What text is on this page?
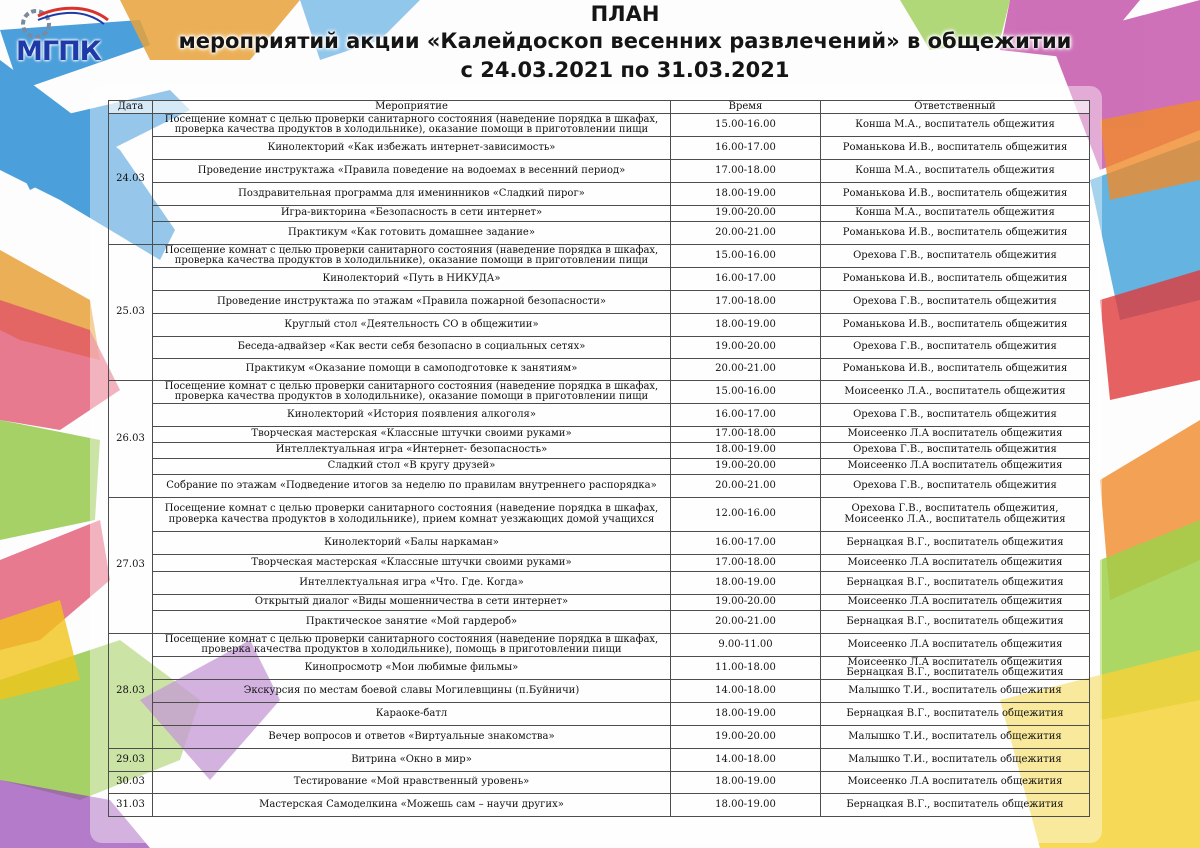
МГПК
ПЛАН
мероприятий акции «Калейдоскоп весенних развлечений» в общежитии
с 24.03.2021 по 31.03.2021
Дата	Мероприятие	Время	Ответственный
24.03	Посещение комнат с целью проверки санитарного состояния (наведение порядка в шкафах, проверка качества продуктов в холодильнике), оказание помощи в приготовлении пищи	15.00-16.00	Конша М.А., воспитатель общежития
	Кинолекторий «Как избежать интернет-зависимость»	16.00-17.00	Романькова И.В., воспитатель общежития
	Проведение инструктажа «Правила поведение на водоемах в весенний период»	17.00-18.00	Конша М.А., воспитатель общежития
	Поздравительная программа для именинников «Сладкий пирог»	18.00-19.00	Романькова И.В., воспитатель общежития
	Игра-викторина «Безопасность в сети интернет»	19.00-20.00	Конша М.А., воспитатель общежития
	Практикум «Как готовить домашнее задание»	20.00-21.00	Романькова И.В., воспитатель общежития
25.03	Посещение комнат с целью проверки санитарного состояния (наведение порядка в шкафах, проверка качества продуктов в холодильнике), оказание помощи в приготовлении пищи	15.00-16.00	Орехова Г.В., воспитатель общежития
	Кинолекторий «Путь в НИКУДА»	16.00-17.00	Романькова И.В., воспитатель общежития
	Проведение инструктажа по этажам «Правила пожарной безопасности»	17.00-18.00	Орехова Г.В., воспитатель общежития
	Круглый стол «Деятельность СО в общежитии»	18.00-19.00	Романькова И.В., воспитатель общежития
	Беседа-адвайзер «Как вести себя безопасно в социальных сетях»	19.00-20.00	Орехова Г.В., воспитатель общежития
	Практикум «Оказание помощи в самоподготовке к занятиям»	20.00-21.00	Романькова И.В., воспитатель общежития
26.03	Посещение комнат с целью проверки санитарного состояния (наведение порядка в шкафах, проверка качества продуктов в холодильнике), оказание помощи в приготовлении пищи	15.00-16.00	Моисеенко Л.А., воспитатель общежития
	Кинолекторий «История появления алкоголя»	16.00-17.00	Орехова Г.В., воспитатель общежития
	Творческая мастерская «Классные штучки своими руками»	17.00-18.00	Моисеенко Л.А воспитатель общежития
	Интеллектуальная игра «Интернет- безопасность»	18.00-19.00	Орехова Г.В., воспитатель общежития
	Сладкий стол «В кругу друзей»	19.00-20.00	Моисеенко Л.А воспитатель общежития
	Собрание по этажам «Подведение итогов за неделю по правилам внутреннего распорядка»	20.00-21.00	Орехова Г.В., воспитатель общежития
27.03	Посещение комнат с целью проверки санитарного состояния (наведение порядка в шкафах, проверка качества продуктов в холодильнике), прием комнат уезжающих домой учащихся	12.00-16.00	Орехова Г.В., воспитатель общежития, Моисеенко Л.А., воспитатель общежития
	Кинолекторий «Балы наркаман»	16.00-17.00	Бернацкая В.Г., воспитатель общежития
	Творческая мастерская «Классные штучки своими руками»	17.00-18.00	Моисеенко Л.А воспитатель общежития
	Интеллектуальная игра «Что. Где. Когда»	18.00-19.00	Бернацкая В.Г., воспитатель общежития
	Открытый диалог «Виды мошенничества в сети интернет»	19.00-20.00	Моисеенко Л.А воспитатель общежития
	Практическое занятие «Мой гардероб»	20.00-21.00	Бернацкая В.Г., воспитатель общежития
28.03	Посещение комнат с целью проверки санитарного состояния (наведение порядка в шкафах, проверка качества продуктов в холодильнике), помощь в приготовлении пищи	9.00-11.00	Моисеенко Л.А воспитатель общежития
	Кинопросмотр «Мои любимые фильмы»	11.00-18.00	Моисеенко Л.А воспитатель общежития Бернацкая В.Г., воспитатель общежития
	Экскурсия по местам боевой славы Могилевщины (п.Буйничи)	14.00-18.00	Малышко Т.И., воспитатель общежития
	Караоке-батл	18.00-19.00	Бернацкая В.Г., воспитатель общежития
	Вечер вопросов и ответов «Виртуальные знакомства»	19.00-20.00	Малышко Т.И., воспитатель общежития
29.03	Витрина «Окно в мир»	14.00-18.00	Малышко Т.И., воспитатель общежития
30.03	Тестирование «Мой нравственный уровень»	18.00-19.00	Моисеенко Л.А воспитатель общежития
31.03	Мастерская Самоделкина «Можешь сам – научи других»	18.00-19.00	Бернацкая В.Г., воспитатель общежития
